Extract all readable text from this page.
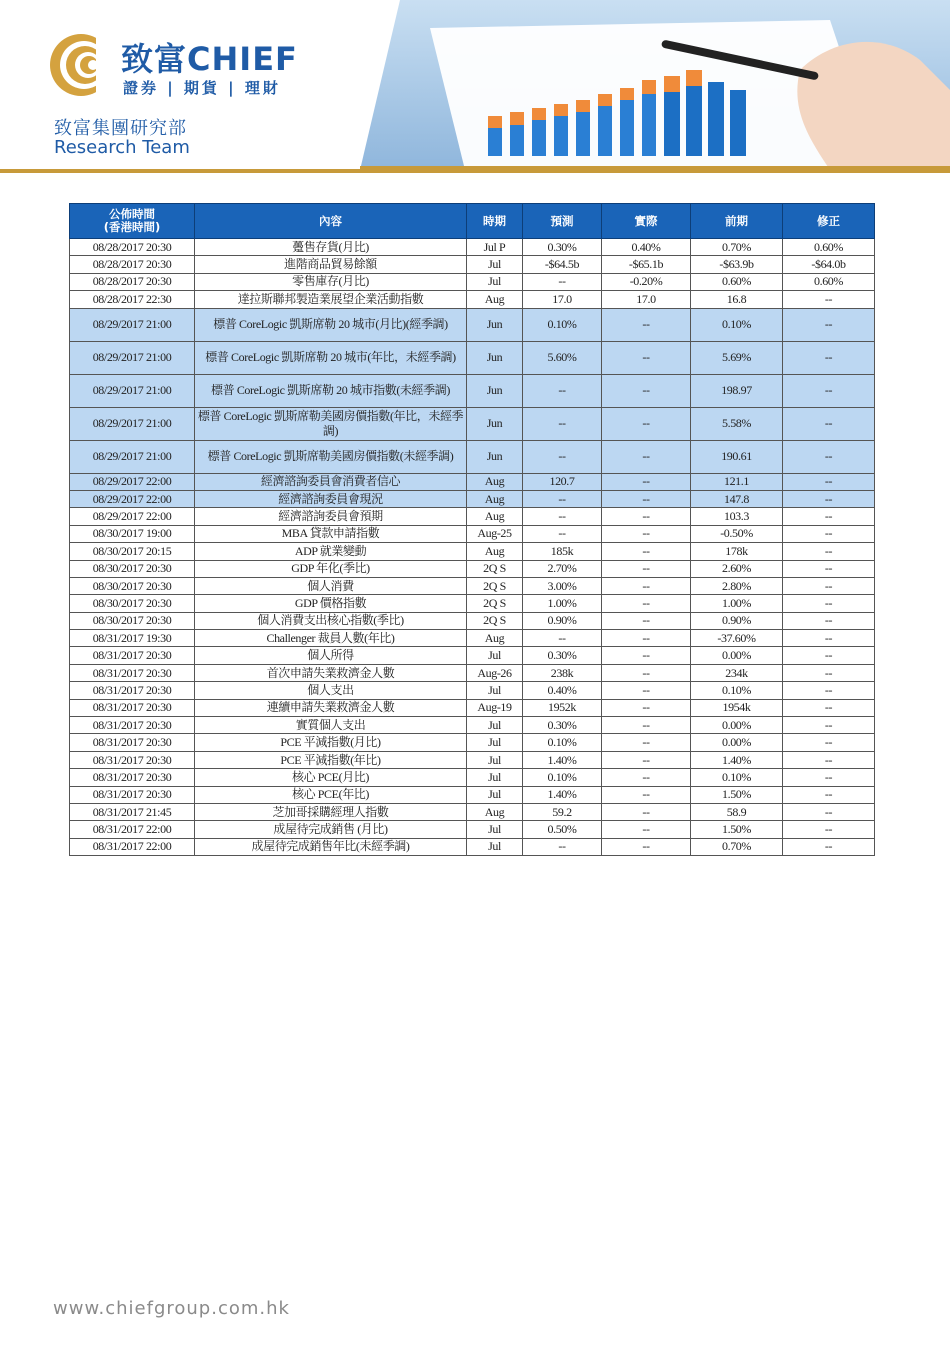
致富CHIEF
證券 | 期貨 | 理財
致富集團研究部
Research Team
公佈時間
(香港時間)	內容	時期	預測	實際	前期	修正
08/28/2017 20:30	躉售存貨(月比)	Jul P	0.30%	0.40%	0.70%	0.60%
08/28/2017 20:30	進階商品貿易餘額	Jul	-$64.5b	-$65.1b	-$63.9b	-$64.0b
08/28/2017 20:30	零售庫存(月比)	Jul	--	-0.20%	0.60%	0.60%
08/28/2017 22:30	達拉斯聯邦製造業展望企業活動指數	Aug	17.0	17.0	16.8	--
08/29/2017 21:00	標普 CoreLogic 凱斯席勒 20 城市(月比)(經季調)	Jun	0.10%	--	0.10%	--
08/29/2017 21:00	標普 CoreLogic 凱斯席勒 20 城市(年比，未經季調)	Jun	5.60%	--	5.69%	--
08/29/2017 21:00	標普 CoreLogic 凱斯席勒 20 城市指數(未經季調)	Jun	--	--	198.97	--
08/29/2017 21:00	標普 CoreLogic 凱斯席勒美國房價指數(年比，未經季調)	Jun	--	--	5.58%	--
08/29/2017 21:00	標普 CoreLogic 凱斯席勒美國房價指數(未經季調)	Jun	--	--	190.61	--
08/29/2017 22:00	經濟諮詢委員會消費者信心	Aug	120.7	--	121.1	--
08/29/2017 22:00	經濟諮詢委員會現況	Aug	--	--	147.8	--
08/29/2017 22:00	經濟諮詢委員會預期	Aug	--	--	103.3	--
08/30/2017 19:00	MBA 貸款申請指數	Aug-25	--	--	-0.50%	--
08/30/2017 20:15	ADP 就業變動	Aug	185k	--	178k	--
08/30/2017 20:30	GDP 年化(季比)	2Q S	2.70%	--	2.60%	--
08/30/2017 20:30	個人消費	2Q S	3.00%	--	2.80%	--
08/30/2017 20:30	GDP 價格指數	2Q S	1.00%	--	1.00%	--
08/30/2017 20:30	個人消費支出核心指數(季比)	2Q S	0.90%	--	0.90%	--
08/31/2017 19:30	Challenger 裁員人數(年比)	Aug	--	--	-37.60%	--
08/31/2017 20:30	個人所得	Jul	0.30%	--	0.00%	--
08/31/2017 20:30	首次申請失業救濟金人數	Aug-26	238k	--	234k	--
08/31/2017 20:30	個人支出	Jul	0.40%	--	0.10%	--
08/31/2017 20:30	連續申請失業救濟金人數	Aug-19	1952k	--	1954k	--
08/31/2017 20:30	實質個人支出	Jul	0.30%	--	0.00%	--
08/31/2017 20:30	PCE 平減指數(月比)	Jul	0.10%	--	0.00%	--
08/31/2017 20:30	PCE 平減指數(年比)	Jul	1.40%	--	1.40%	--
08/31/2017 20:30	核心 PCE(月比)	Jul	0.10%	--	0.10%	--
08/31/2017 20:30	核心 PCE(年比)	Jul	1.40%	--	1.50%	--
08/31/2017 21:45	芝加哥採購經理人指數	Aug	59.2	--	58.9	--
08/31/2017 22:00	成屋待完成銷售 (月比)	Jul	0.50%	--	1.50%	--
08/31/2017 22:00	成屋待完成銷售年比(未經季調)	Jul	--	--	0.70%	--
www.chiefgroup.com.hk
